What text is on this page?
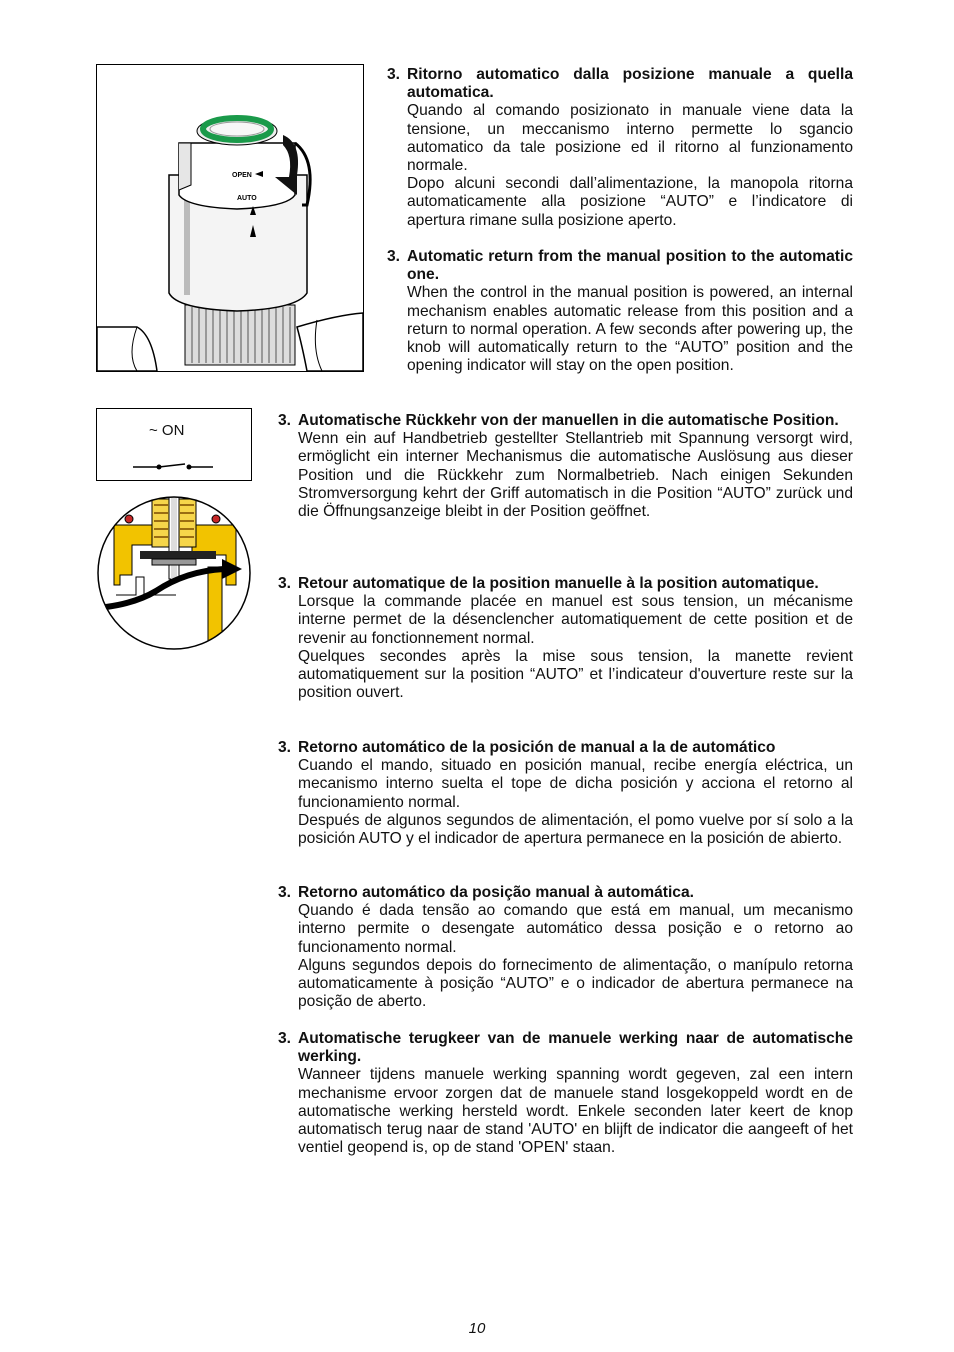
OPEN
AUTO
~ ON
3. Ritorno automatico dalla posizione manuale a quella automatica.

Quando al comando posizionato in manuale viene data la tensione, un meccanismo interno permette lo sgancio automatico da tale posizione ed il ritorno al funzionamento normale.

Dopo alcuni secondi dall’alimentazione, la manopola ritorna automaticamente alla posizione “AUTO” e l’indicatore di apertura rimane sulla posizione aperto.

3. Automatic return from the manual position to the automatic one.

When the control in the manual position is powered, an internal mechanism enables automatic release from this position and a return to normal operation. A few seconds after powering up, the knob will automatically return to the “AUTO” position and the opening indicator will stay on the open position.

3. Automatische Rückkehr von der manuellen in die automatische Position.

Wenn ein auf Handbetrieb gestellter Stellantrieb mit Spannung versorgt wird, ermöglicht ein interner Mechanismus die automatische Auslösung aus dieser Position und die Rückkehr zum Normalbetrieb. Nach einigen Sekunden Stromversorgung kehrt der Griff automatisch in die Position “AUTO” zurück und die Öffnungsanzeige bleibt in der Position geöffnet.

3. Retour automatique de la position manuelle à la position automatique.

Lorsque la commande placée en manuel est sous tension, un mécanisme interne permet de la désenclencher automatiquement de cette position et de revenir au fonctionnement normal.

Quelques secondes après la mise sous tension, la manette revient automatiquement sur la position “AUTO” et l’indicateur d'ouverture reste sur la position ouvert.

3. Retorno automático de la posición de manual a la de automático

Cuando el mando, situado en posición manual, recibe energía eléctrica, un mecanismo interno suelta el tope de dicha posición y acciona el retorno al funcionamiento normal.

Después de algunos segundos de alimentación, el pomo vuelve por sí solo a la posición AUTO y el indicador de apertura permanece en la posición de abierto.

3. Retorno automático da posição manual à automática.

Quando é dada tensão ao comando que está em manual, um mecanismo interno permite o desengate automático dessa posição e o retorno ao funcionamento normal.

Alguns segundos depois do fornecimento de alimentação, o manípulo retorna automaticamente à posição “AUTO” e o indicador de abertura permanece na posição de aberto.

3. Automatische terugkeer van de manuele werking naar de automatische werking.

Wanneer tijdens manuele werking spanning wordt gegeven, zal een intern mechanisme ervoor zorgen dat de manuele stand losgekoppeld wordt en de automatische werking hersteld wordt. Enkele seconden later keert de knop automatisch terug naar de stand 'AUTO' en blijft de indicator die aangeeft of het ventiel geopend is, op de stand 'OPEN' staan.

10
